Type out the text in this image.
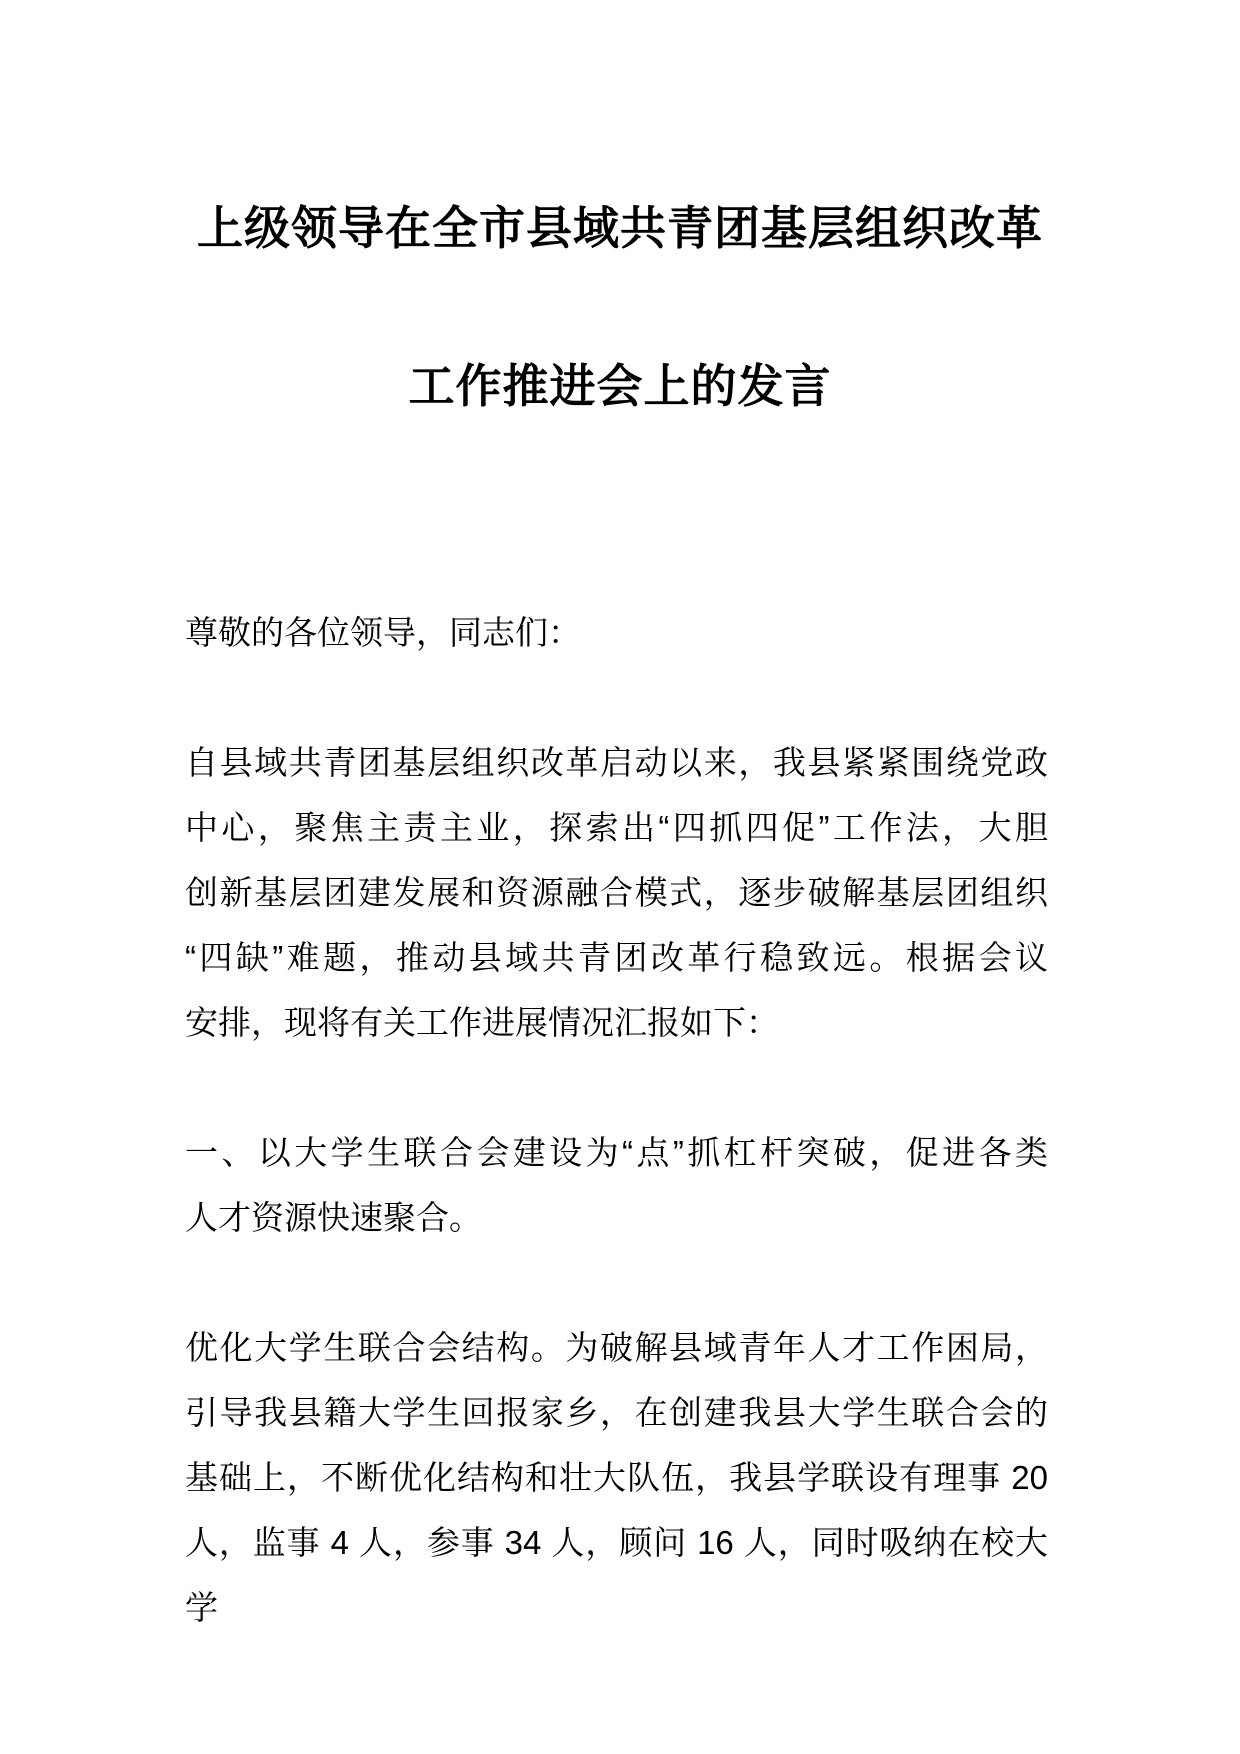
上级领导在全市县域共青团基层组织改革
工作推进会上的发言
尊敬的各位领导，同志们：
自县域共青团基层组织改革启动以来，我县紧紧围绕党政
中心，聚焦主责主业，探索出“四抓四促”工作法，大胆
创新基层团建发展和资源融合模式，逐步破解基层团组织
“四缺”难题，推动县域共青团改革行稳致远。根据会议
安排，现将有关工作进展情况汇报如下：
一、以大学生联合会建设为“点”抓杠杆突破，促进各类
人才资源快速聚合。
优化大学生联合会结构。为破解县域青年人才工作困局，
引导我县籍大学生回报家乡，在创建我县大学生联合会的
基础上，不断优化结构和壮大队伍，我县学联设有理事 20
人，监事 4 人，参事 34 人，顾问 16 人，同时吸纳在校大学
